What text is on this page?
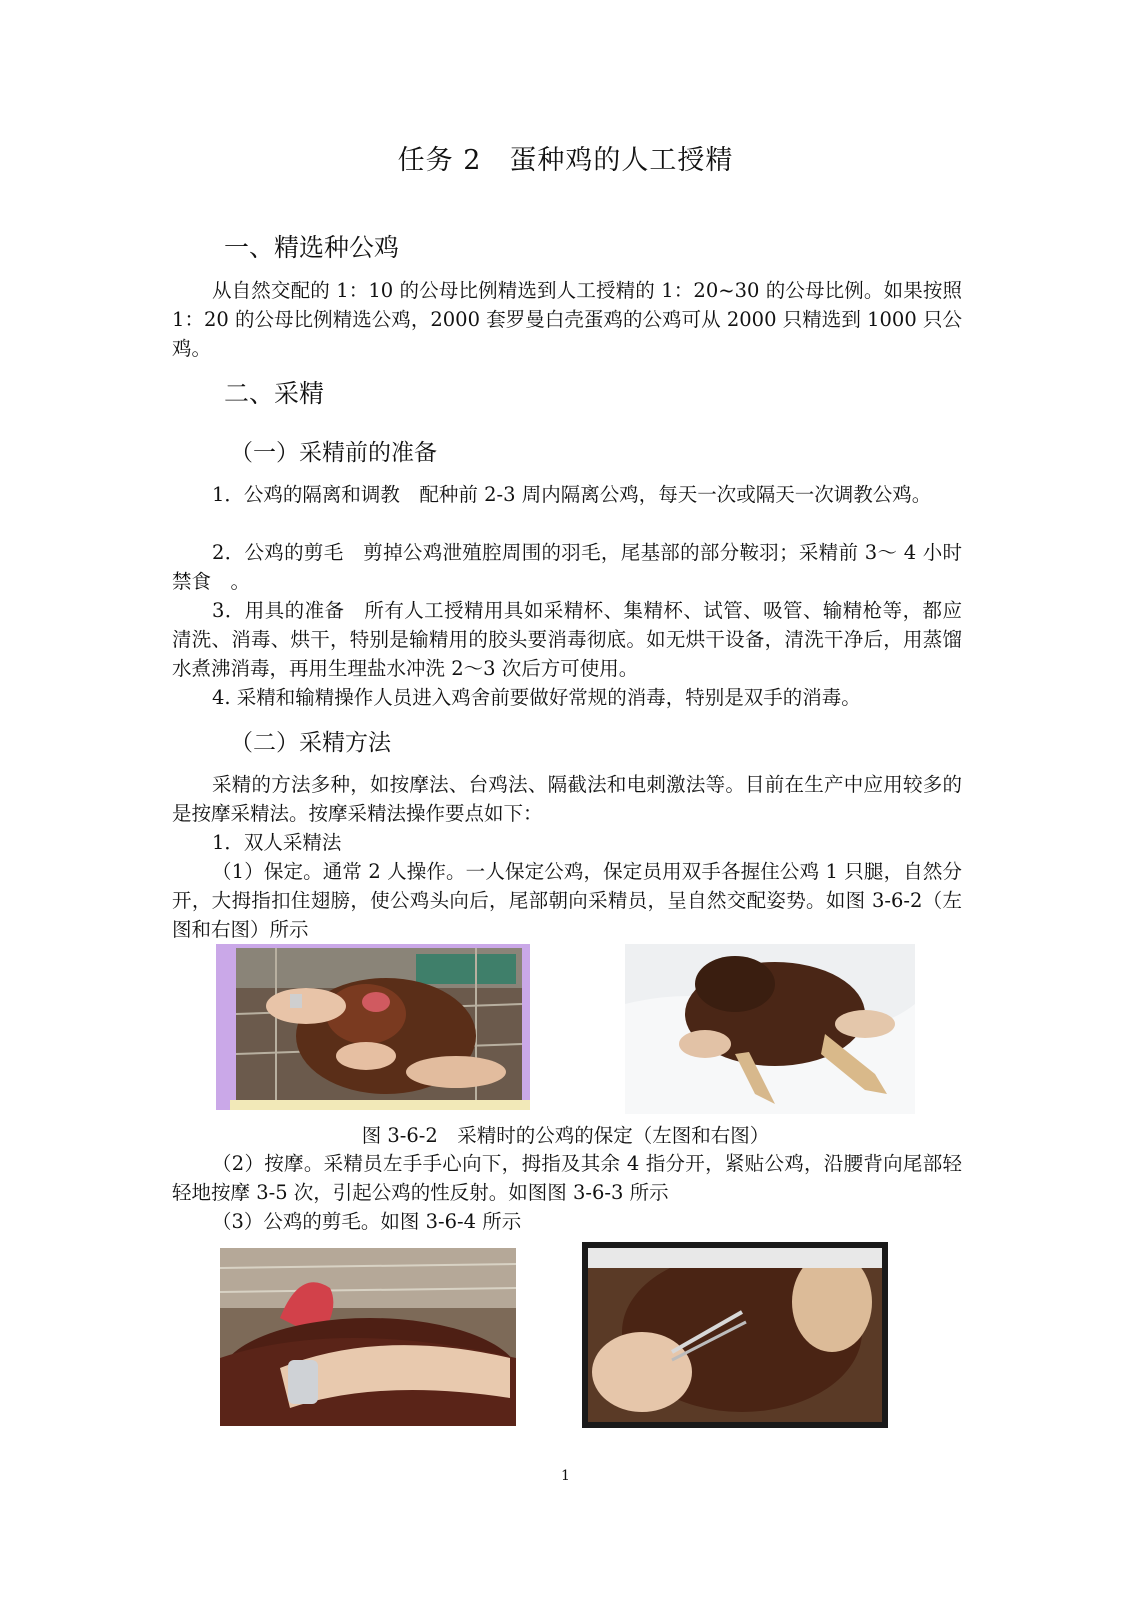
任务 2　蛋种鸡的人工授精
一、精选种公鸡
从自然交配的 1：10 的公母比例精选到人工授精的 1：20~30 的公母比例。如果按照 1：20 的公母比例精选公鸡，2000 套罗曼白壳蛋鸡的公鸡可从 2000 只精选到 1000 只公鸡。
二、采精
（一）采精前的准备
1．公鸡的隔离和调教　配种前 2-3 周内隔离公鸡，每天一次或隔天一次调教公鸡。
2．公鸡的剪毛　剪掉公鸡泄殖腔周围的羽毛，尾基部的部分鞍羽；采精前 3～ 4 小时禁食　。
3．用具的准备　所有人工授精用具如采精杯、集精杯、试管、吸管、输精枪等，都应清洗、消毒、烘干，特别是输精用的胶头要消毒彻底。如无烘干设备，清洗干净后，用蒸馏水煮沸消毒，再用生理盐水冲洗 2～3 次后方可使用。
4. 采精和输精操作人员进入鸡舍前要做好常规的消毒，特别是双手的消毒。
（二）采精方法
采精的方法多种，如按摩法、台鸡法、隔截法和电刺激法等。目前在生产中应用较多的是按摩采精法。按摩采精法操作要点如下：
1．双人采精法
（1）保定。通常 2 人操作。一人保定公鸡，保定员用双手各握住公鸡 1 只腿，自然分开，大拇指扣住翅膀，使公鸡头向后，尾部朝向采精员，呈自然交配姿势。如图 3-6-2（左图和右图）所示
图 3-6-2　采精时的公鸡的保定（左图和右图）
（2）按摩。采精员左手手心向下，拇指及其余 4 指分开，紧贴公鸡，沿腰背向尾部轻轻地按摩 3-5 次，引起公鸡的性反射。如图图 3-6-3 所示
（3）公鸡的剪毛。如图 3-6-4 所示
1
